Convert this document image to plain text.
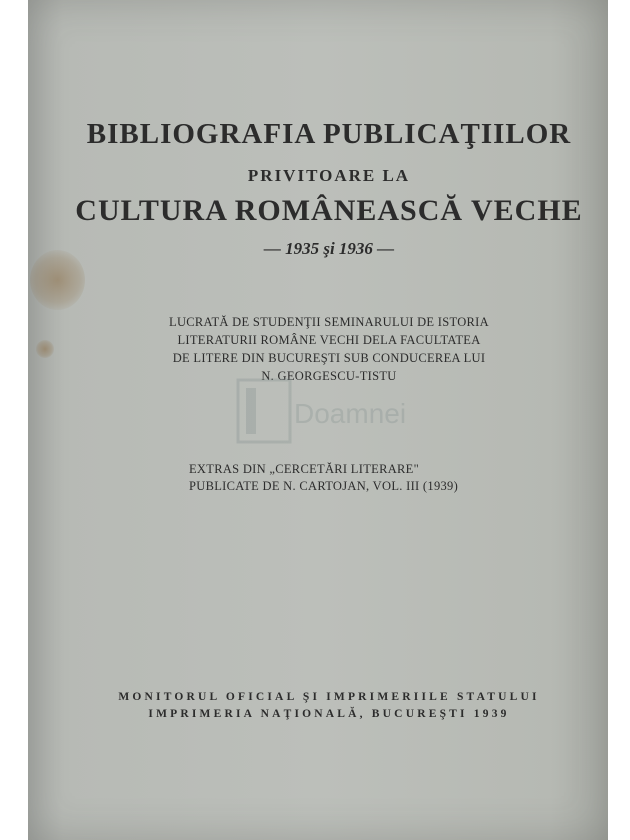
BIBLIOGRAFIA PUBLICAŢIILOR
PRIVITOARE LA
CULTURA ROMÂNEASCĂ VECHE
— 1935 şi 1936 —
LUCRATĂ DE STUDENŢII SEMINARULUI DE ISTORIA
LITERATURII ROMÂNE VECHI DELA FACULTATEA
DE LITERE DIN BUCUREŞTI SUB CONDUCEREA LUI
N. GEORGESCU-TISTU
Doamnei
EXTRAS DIN „CERCETĂRI LITERARE"
PUBLICATE DE N. CARTOJAN, VOL. III (1939)
MONITORUL OFICIAL ŞI IMPRIMERIILE STATULUI
IMPRIMERIA NAŢIONALĂ, BUCUREŞTI 1939
